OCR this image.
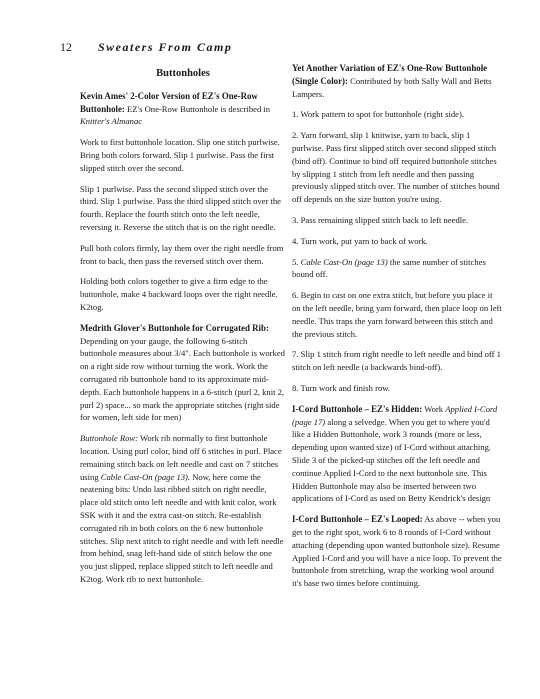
12	Sweaters From Camp
Buttonholes

Kevin Ames' 2-Color Version of EZ's One-Row Buttonhole: EZ's One-Row Buttonhole is described in Knitter's Almanac

Work to first buttonhole location. Slip one stitch purlwise. Bring both colors forward. Slip 1 purlwise. Pass the first slipped stitch over the second.

Slip 1 purlwise. Pass the second slipped stitch over the third. Slip 1 purlwise. Pass the third slipped stitch over the fourth. Replace the fourth stitch onto the left needle, reversing it. Reverse the stitch that is on the right needle.

Pull both colors firmly, lay them over the right needle from front to back, then pass the reversed stitch over them.

Holding both colors together to give a firm edge to the buttonhole, make 4 backward loops over the right needle. K2tog.

Medrith Glover's Buttonhole for Corrugated Rib: Depending on your gauge, the following 6-stitch buttonhole measures about 3/4". Each buttonhole is worked on a right side row without turning the work. Work the corrugated rib buttonhole band to its approximate mid-depth. Each buttonhole happens in a 6-stitch (purl 2, knit 2, purl 2) space... so mark the appropriate stitches (right side for women, left side for men)

Buttonhole Row: Work rib normally to first buttonhole location. Using purl color, bind off 6 stitches in purl. Place remaining stitch back on left needle and cast on 7 stitches using Cable Cast-On (page 13). Now, here come the neatening bits: Undo last ribbed stitch on right needle, place old stitch onto left needle and with knit color, work SSK with it and the extra cast-on stitch. Re-establish corrugated rib in both colors on the 6 new buttonhole stitches. Slip next stitch to right needle and with left needle from behind, snag left-hand side of stitch below the one you just slipped, replace slipped stitch to left needle and K2tog. Work rib to next buttonhole.

Yet Another Variation of EZ's One-Row Buttonhole (Single Color): Contributed by both Sally Wall and Betts Lampers.

1. Work pattern to spot for buttonhole (right side).

2. Yarn forward, slip 1 knitwise, yarn to back, slip 1 purlwise. Pass first slipped stitch over second slipped stitch (bind off). Continue to bind off required buttonhole stitches by slipping 1 stitch from left needle and then passing previously slipped stitch over. The number of stitches bound off depends on the size button you're using.

3. Pass remaining slipped stitch back to left needle.

4. Turn work, put yarn to back of work.

5. Cable Cast-On (page 13) the same number of stitches bound off.

6. Begin to cast on one extra stitch, but before you place it on the left needle, bring yarn forward, then place loop on left needle. This traps the yarn forward between this stitch and the previous stitch.

7. Slip 1 stitch from right needle to left needle and bind off 1 stitch on left needle (a backwards bind-off).

8. Turn work and finish row.

I-Cord Buttonhole – EZ's Hidden: Work Applied I-Cord (page 17) along a selvedge. When you get to where you'd like a Hidden Buttonhole, work 3 rounds (more or less, depending upon wanted size) of I-Cord without attaching. Slide 3 of the picked-up stitches off the left needle and continue Applied I-Cord to the next buttonhole site. This Hidden Buttonhole may also be inserted between two applications of I-Cord as used on Betty Kendrick's design

I-Cord Buttonhole – EZ's Looped: As above -- when you get to the right spot, work 6 to 8 rounds of I-Cord without attaching (depending upon wanted buttonhole size). Resume Applied I-Cord and you will have a nice loop. To prevent the buttonhole from stretching, wrap the working wool around it's base two times before continuing.
